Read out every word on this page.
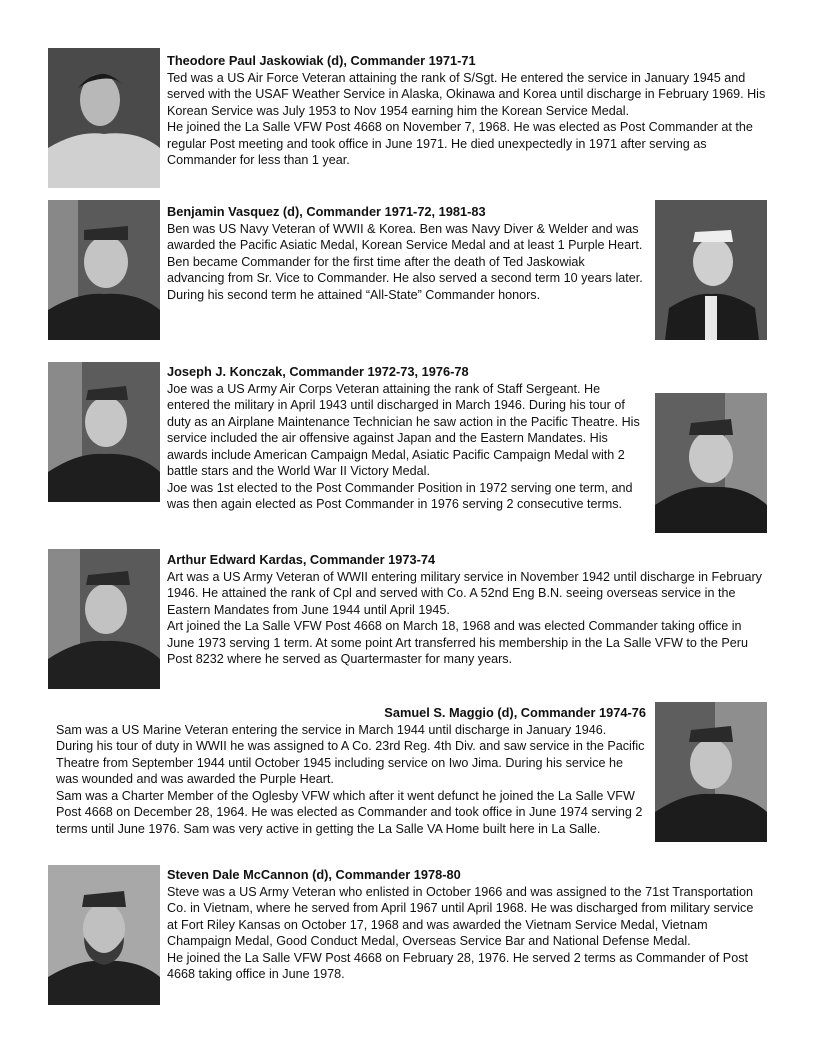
Theodore Paul Jaskowiak (d), Commander 1971-71

Ted was a US Air Force Veteran attaining the rank of S/Sgt. He entered the service in January 1945 and served with the USAF Weather Service in Alaska, Okinawa and Korea until discharge in February 1969. His Korean Service was July 1953 to Nov 1954 earning him the Korean Service Medal.

He joined the La Salle VFW Post 4668 on November 7, 1968. He was elected as Post Commander at the regular Post meeting and took office in June 1971. He died unexpectedly in 1971 after serving as Commander for less than 1 year.

Benjamin Vasquez (d), Commander 1971-72, 1981-83

Ben was US Navy Veteran of WWII & Korea. Ben was Navy Diver & Welder and was awarded the Pacific Asiatic Medal, Korean Service Medal and at least 1 Purple Heart.

Ben became Commander for the first time after the death of Ted Jaskowiak advancing from Sr. Vice to Commander. He also served a second term 10 years later.

During his second term he attained “All-State” Commander honors.

Joseph J. Konczak, Commander 1972-73, 1976-78

Joe was a US Army Air Corps Veteran attaining the rank of Staff Sergeant. He entered the military in April 1943 until discharged in March 1946. During his tour of duty as an Airplane Maintenance Technician he saw action in the Pacific Theatre. His service included the air offensive against Japan and the Eastern Mandates. His awards include American Campaign Medal, Asiatic Pacific Campaign Medal with 2 battle stars and the World War II Victory Medal.

Joe was 1st elected to the Post Commander Position in 1972 serving one term, and was then again elected as Post Commander in 1976 serving 2 consecutive terms.

Arthur Edward Kardas, Commander 1973-74

Art was a US Army Veteran of WWII entering military service in November 1942 until discharge in February 1946. He attained the rank of Cpl and served with Co. A 52nd Eng B.N. seeing overseas service in the Eastern Mandates from June 1944 until April 1945.

Art joined the La Salle VFW Post 4668 on March 18, 1968 and was elected Commander taking office in June 1973 serving 1 term. At some point Art transferred his membership in the La Salle VFW to the Peru Post 8232 where he served as Quartermaster for many years.

Samuel S. Maggio (d), Commander 1974-76

Sam was a US Marine Veteran entering the service in March 1944 until discharge in January 1946. During his tour of duty in WWII he was assigned to A Co. 23rd Reg. 4th Div. and saw service in the Pacific Theatre from September 1944 until October 1945 including service on Iwo Jima. During his service he was wounded and was awarded the Purple Heart.

Sam was a Charter Member of the Oglesby VFW which after it went defunct he joined the La Salle VFW Post 4668 on December 28, 1964. He was elected as Commander and took office in June 1974 serving 2 terms until June 1976. Sam was very active in getting the La Salle VA Home built here in La Salle.

Steven Dale McCannon (d), Commander 1978-80

Steve was a US Army Veteran who enlisted in October 1966 and was assigned to the 71st Transportation Co. in Vietnam, where he served from April 1967 until April 1968. He was discharged from military service at Fort Riley Kansas on October 17, 1968 and was awarded the Vietnam Service Medal, Vietnam Champaign Medal, Good Conduct Medal, Overseas Service Bar and National Defense Medal.

He joined the La Salle VFW Post 4668 on February 28, 1976. He served 2 terms as Commander of Post 4668 taking office in June 1978.
